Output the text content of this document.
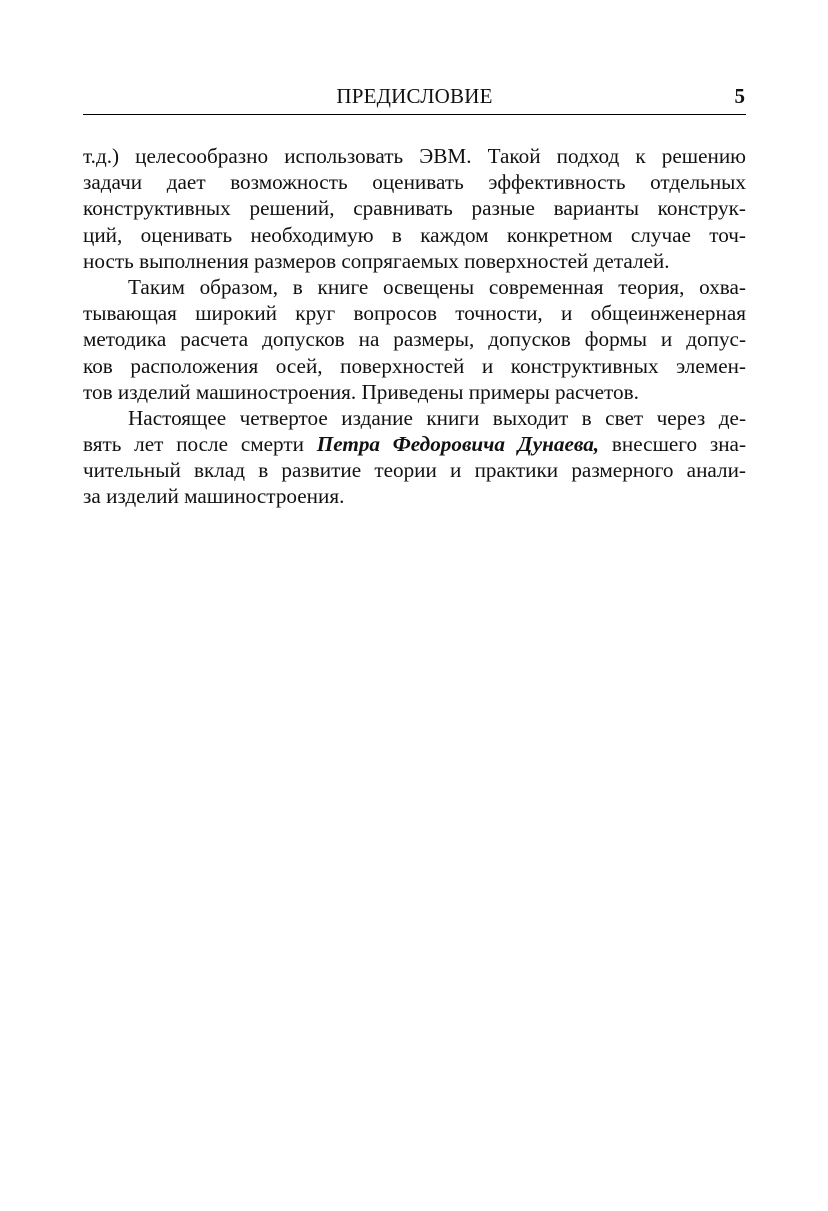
ПРЕДИСЛОВИЕ	5
т.д.) целесообразно использовать ЭВМ. Такой подход к решению
задачи дает возможность оценивать эффективность отдельных
конструктивных решений, сравнивать разные варианты конструк-
ций, оценивать необходимую в каждом конкретном случае точ-
ность выполнения размеров сопрягаемых поверхностей деталей.
Таким образом, в книге освещены современная теория, охва-
тывающая широкий круг вопросов точности, и общеинженерная
методика расчета допусков на размеры, допусков формы и допус-
ков расположения осей, поверхностей и конструктивных элемен-
тов изделий машиностроения. Приведены примеры расчетов.
Настоящее четвертое издание книги выходит в свет через де-
вять лет после смерти Петра Федоровича Дунаева, внесшего зна-
чительный вклад в развитие теории и практики размерного анали-
за изделий машиностроения.
